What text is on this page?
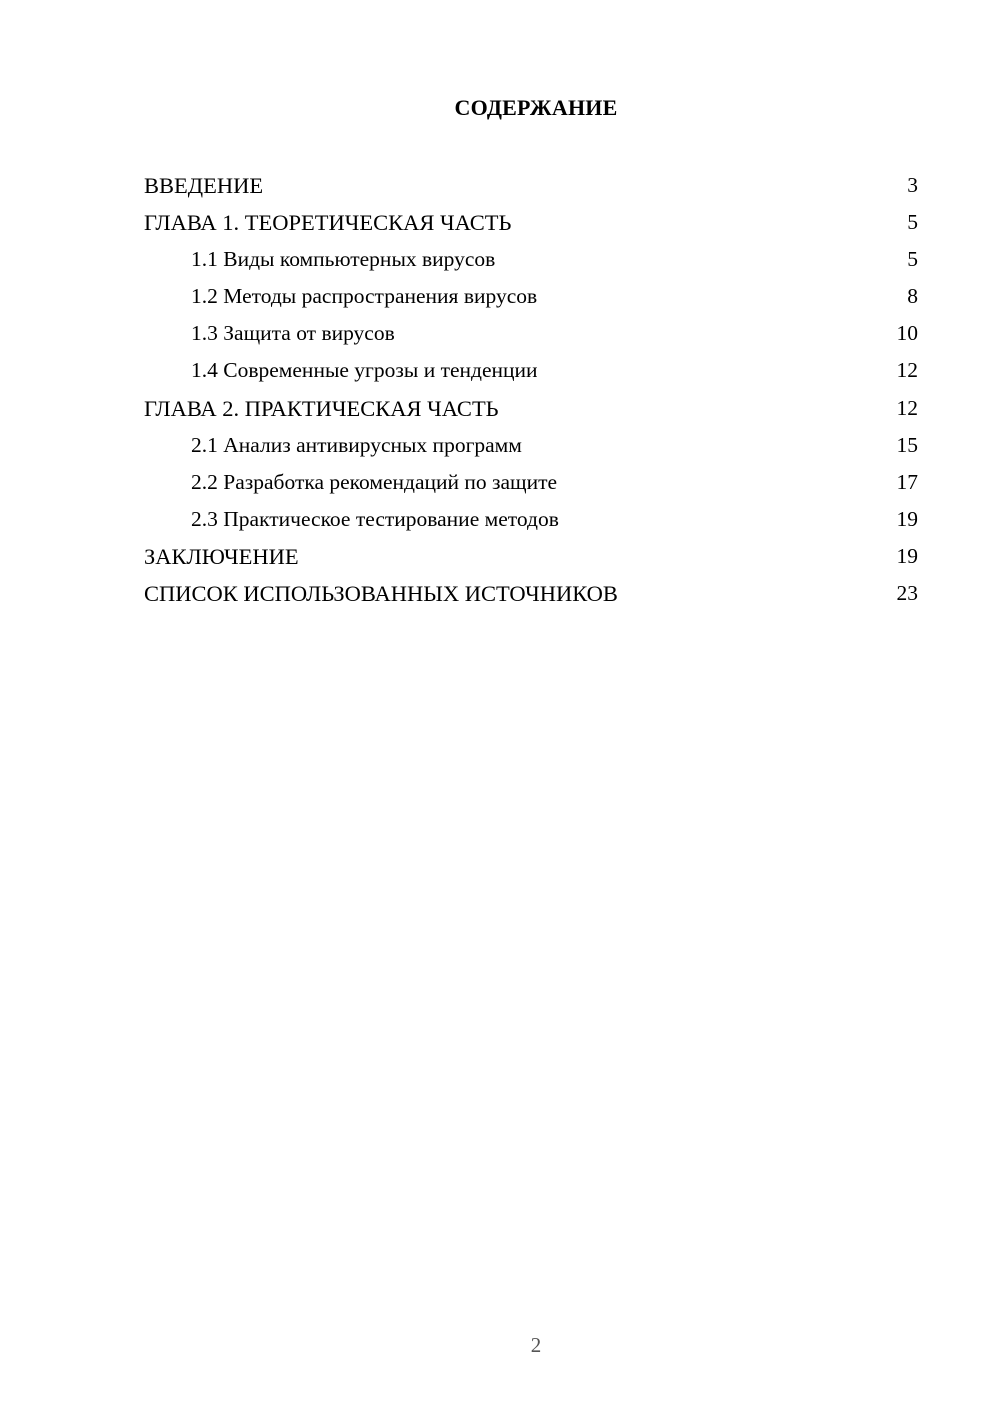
СОДЕРЖАНИЕ
ВВЕДЕНИЕ	3
ГЛАВА 1. ТЕОРЕТИЧЕСКАЯ ЧАСТЬ	5
1.1 Виды компьютерных вирусов	5
1.2 Методы распространения вирусов	8
1.3 Защита от вирусов	10
1.4 Современные угрозы и тенденции	12
ГЛАВА 2. ПРАКТИЧЕСКАЯ ЧАСТЬ	12
2.1 Анализ антивирусных программ	15
2.2 Разработка рекомендаций по защите	17
2.3 Практическое тестирование методов	19
ЗАКЛЮЧЕНИЕ	19
СПИСОК ИСПОЛЬЗОВАННЫХ ИСТОЧНИКОВ	23
2
